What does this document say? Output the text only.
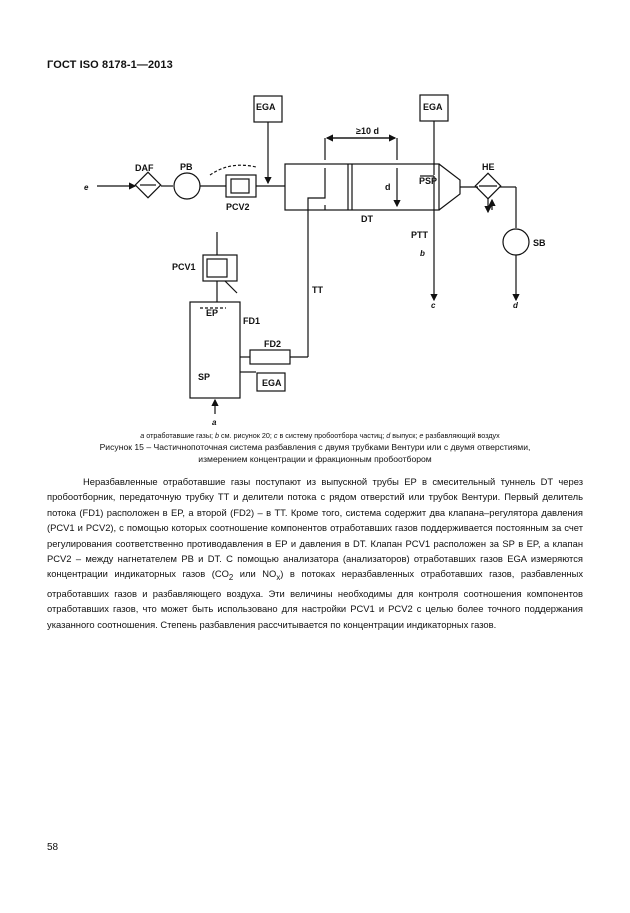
ГОСТ ISO 8178-1—2013
EGA	EGA
EGA
DAF	PB
PCV2
PCV1
FD1
FD2
SP
DT
TT
PSP
PTT
HE
SB
≥10 d
d
EP
e
a
b
c	d
a отработавшие газы; b см. рисунок 20; c в систему пробоотбора частиц; d выпуск; e разбавляющий воздух
Рисунок 15 – Частичнопоточная система разбавления с двумя трубками Вентури или с двумя отверстиями,
измерением концентрации и фракционным пробоотбором

Неразбавленные отработавшие газы поступают из выпускной трубы EP в смесительный туннель DT через пробоотборник, передаточную трубку TT и делители потока с рядом отверстий или трубок Вентури. Первый делитель потока (FD1) расположен в EP, а второй (FD2) – в TT. Кроме того, система содержит два клапана–регулятора давления (PCV1 и PCV2), с помощью которых соотношение компонентов отработавших газов поддерживается постоянным за счет регулирования соответственно противодавления в EP и давления в DT. Клапан PCV1 расположен за SP в EP, а клапан PCV2 – между нагнетателем PB и DT. С помощью анализатора (анализаторов) отработавших газов EGA измеряются концентрации индикаторных газов ($CO_2$ или $NO_x$) в потоках неразбавленных отработавших газов, разбавленных отработавших газов и разбавляющего воздуха. Эти величины необходимы для контроля соотношения компонентов отработавших газов, что может быть использовано для настройки PCV1 и PCV2 с целью более точного поддержания указанного соотношения. Степень разбавления рассчитывается по концентрации индикаторных газов.

58
